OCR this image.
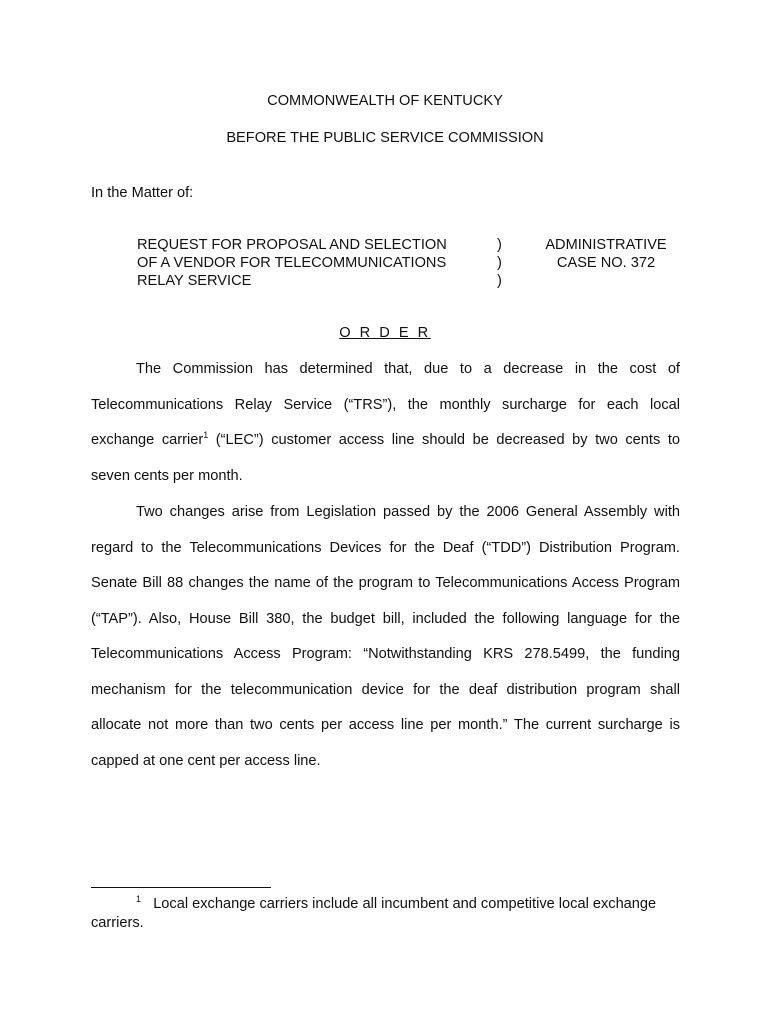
COMMONWEALTH OF KENTUCKY
BEFORE THE PUBLIC SERVICE COMMISSION
In the Matter of:
REQUEST FOR PROPOSAL AND SELECTION
OF A VENDOR FOR TELECOMMUNICATIONS
RELAY SERVICE
)
)
)
ADMINISTRATIVE
CASE NO. 372
O R D E R
The Commission has determined that, due to a decrease in the cost of
Telecommunications Relay Service (“TRS”), the monthly surcharge for each local
exchange carrier$^1$ (“LEC”) customer access line should be decreased by two cents to
seven cents per month.
Two changes arise from Legislation passed by the 2006 General Assembly with
regard to the Telecommunications Devices for the Deaf (“TDD”) Distribution Program.
Senate Bill 88 changes the name of the program to Telecommunications Access Program
(“TAP”). Also, House Bill 380, the budget bill, included the following language for the
Telecommunications Access Program: “Notwithstanding KRS 278.5499, the funding
mechanism for the telecommunication device for the deaf distribution program shall
allocate not more than two cents per access line per month.” The current surcharge is
capped at one cent per access line.
$^1$ Local exchange carriers include all incumbent and competitive local exchange
carriers.
